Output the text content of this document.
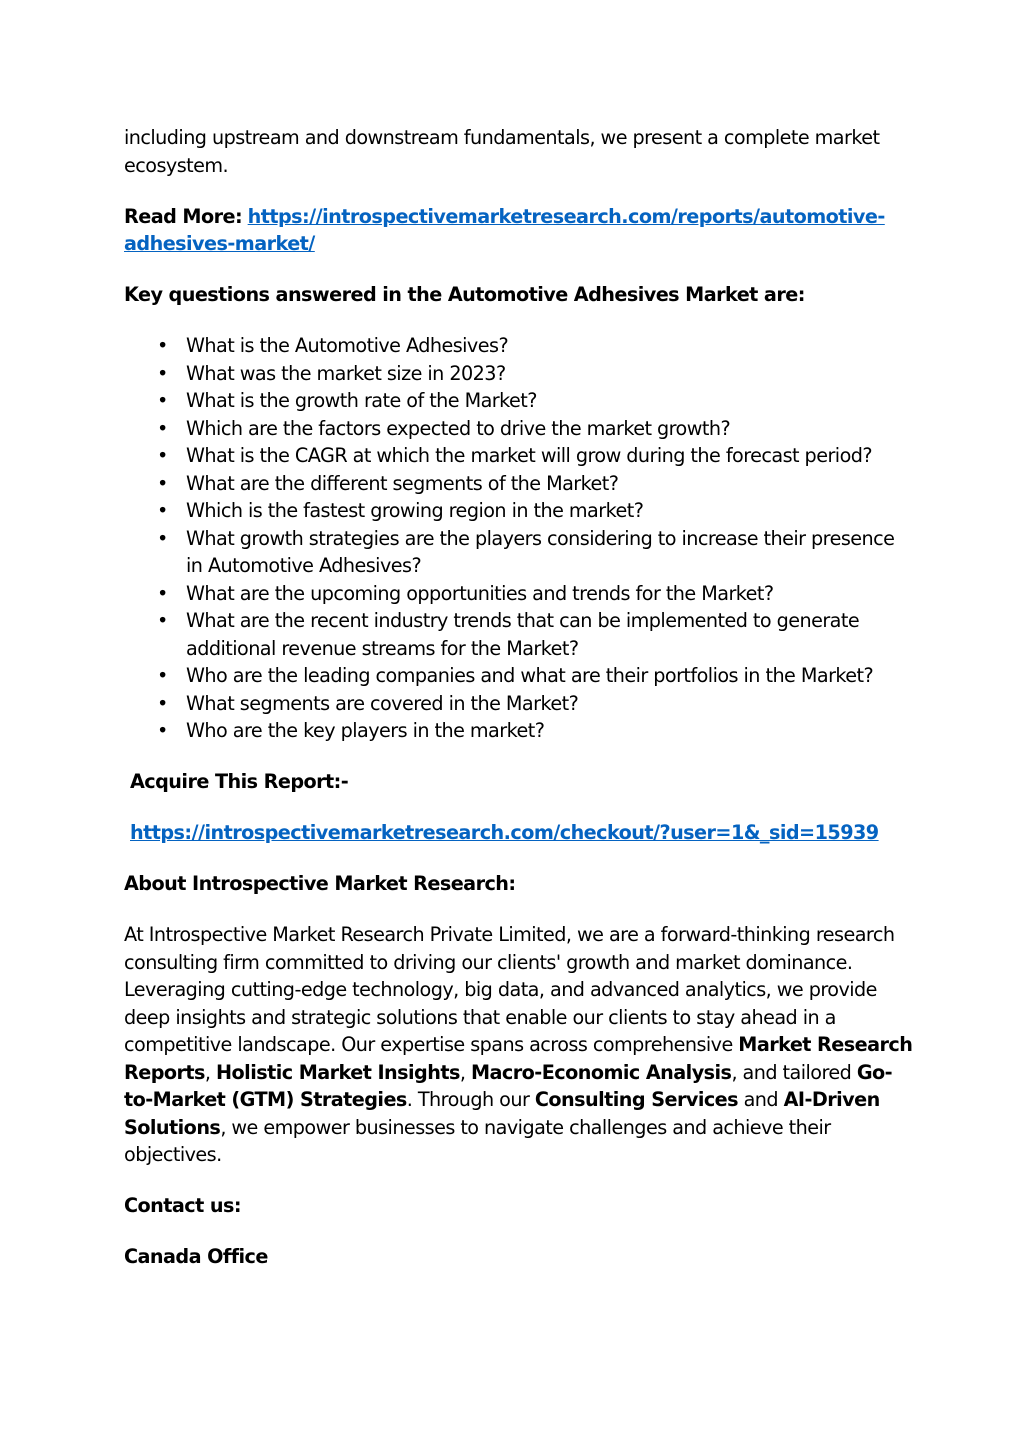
including upstream and downstream fundamentals, we present a complete market ecosystem.

Read More: https://introspectivemarketresearch.com/reports/automotive-adhesives-market/

Key questions answered in the Automotive Adhesives Market are:

• What is the Automotive Adhesives?
• What was the market size in 2023?
• What is the growth rate of the Market?
• Which are the factors expected to drive the market growth?
• What is the CAGR at which the market will grow during the forecast period?
• What are the different segments of the Market?
• Which is the fastest growing region in the market?
• What growth strategies are the players considering to increase their presence in Automotive Adhesives?
• What are the upcoming opportunities and trends for the Market?
• What are the recent industry trends that can be implemented to generate additional revenue streams for the Market?
• Who are the leading companies and what are their portfolios in the Market?
• What segments are covered in the Market?
• Who are the key players in the market?

Acquire This Report:-

https://introspectivemarketresearch.com/checkout/?user=1&_sid=15939

About Introspective Market Research:

At Introspective Market Research Private Limited, we are a forward-thinking research consulting firm committed to driving our clients' growth and market dominance. Leveraging cutting-edge technology, big data, and advanced analytics, we provide deep insights and strategic solutions that enable our clients to stay ahead in a competitive landscape. Our expertise spans across comprehensive Market Research Reports, Holistic Market Insights, Macro-Economic Analysis, and tailored Go-to-Market (GTM) Strategies. Through our Consulting Services and AI-Driven Solutions, we empower businesses to navigate challenges and achieve their objectives.

Contact us:

Canada Office
